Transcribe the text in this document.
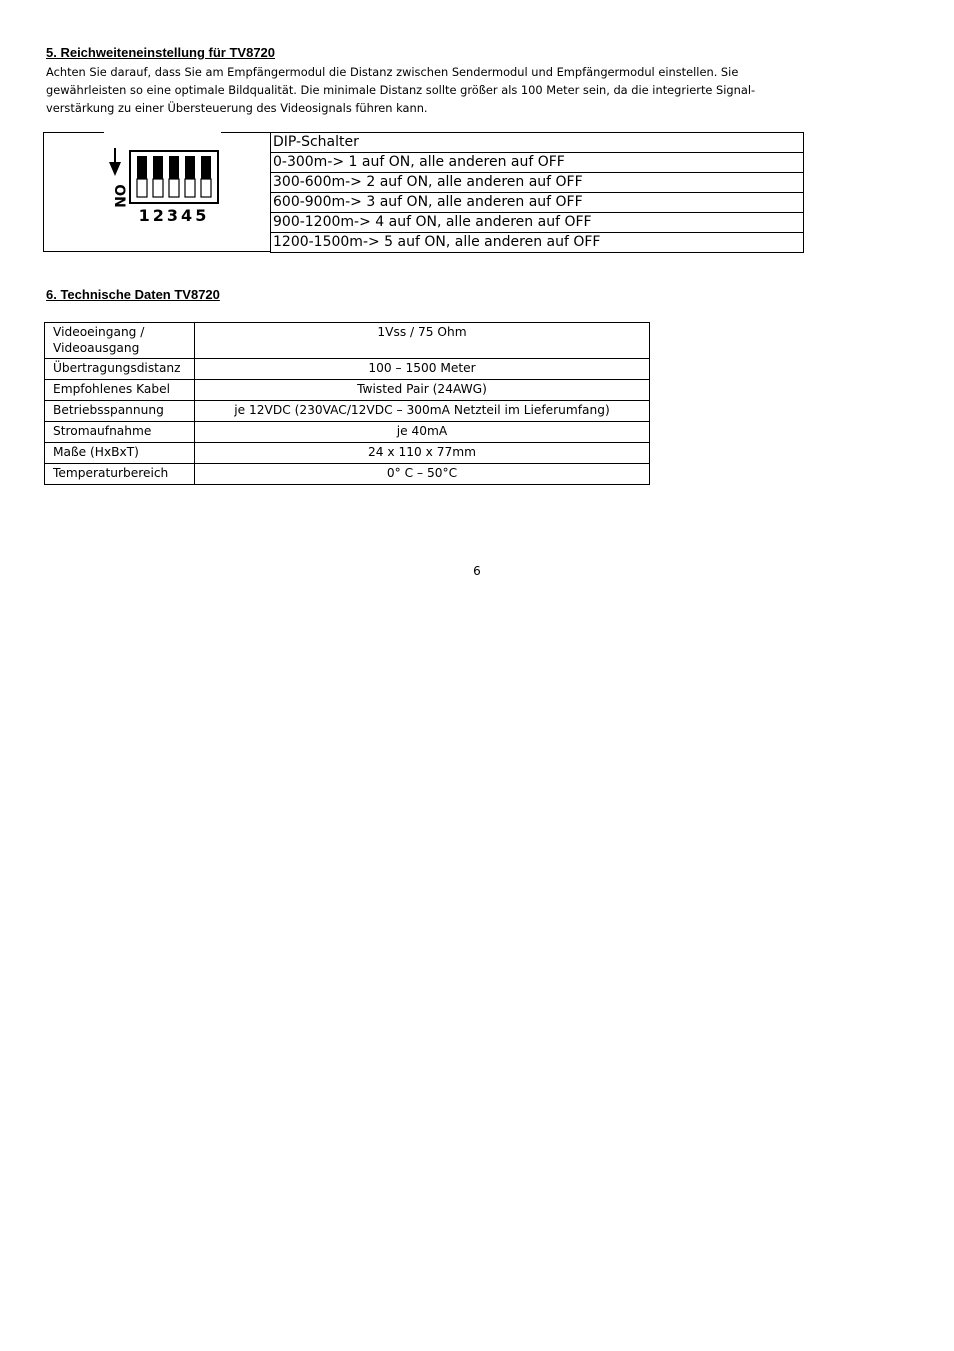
5. Reichweiteneinstellung für TV8720

Achten Sie darauf, dass Sie am Empfängermodul die Distanz zwischen Sendermodul und Empfängermodul einstellen. Sie
gewährleisten so eine optimale Bildqualität. Die minimale Distanz sollte größer als 100 Meter sein, da die integrierte Signal-
verstärkung zu einer Übersteuerung des Videosignals führen kann.

ON
12345
DIP-Schalter
0-300m-> 1 auf ON, alle anderen auf OFF
300-600m-> 2 auf ON, alle anderen auf OFF
600-900m-> 3 auf ON, alle anderen auf OFF
900-1200m-> 4 auf ON, alle anderen auf OFF
1200-1500m-> 5 auf ON, alle anderen auf OFF
6. Technische Daten TV8720
Videoeingang / Videoausgang	1Vss / 75 Ohm
Übertragungsdistanz	100 – 1500 Meter
Empfohlenes Kabel	Twisted Pair (24AWG)
Betriebsspannung	je 12VDC (230VAC/12VDC – 300mA Netzteil im Lieferumfang)
Stromaufnahme	je 40mA
Maße (HxBxT)	24 x 110 x 77mm
Temperaturbereich	0° C – 50°C
6
